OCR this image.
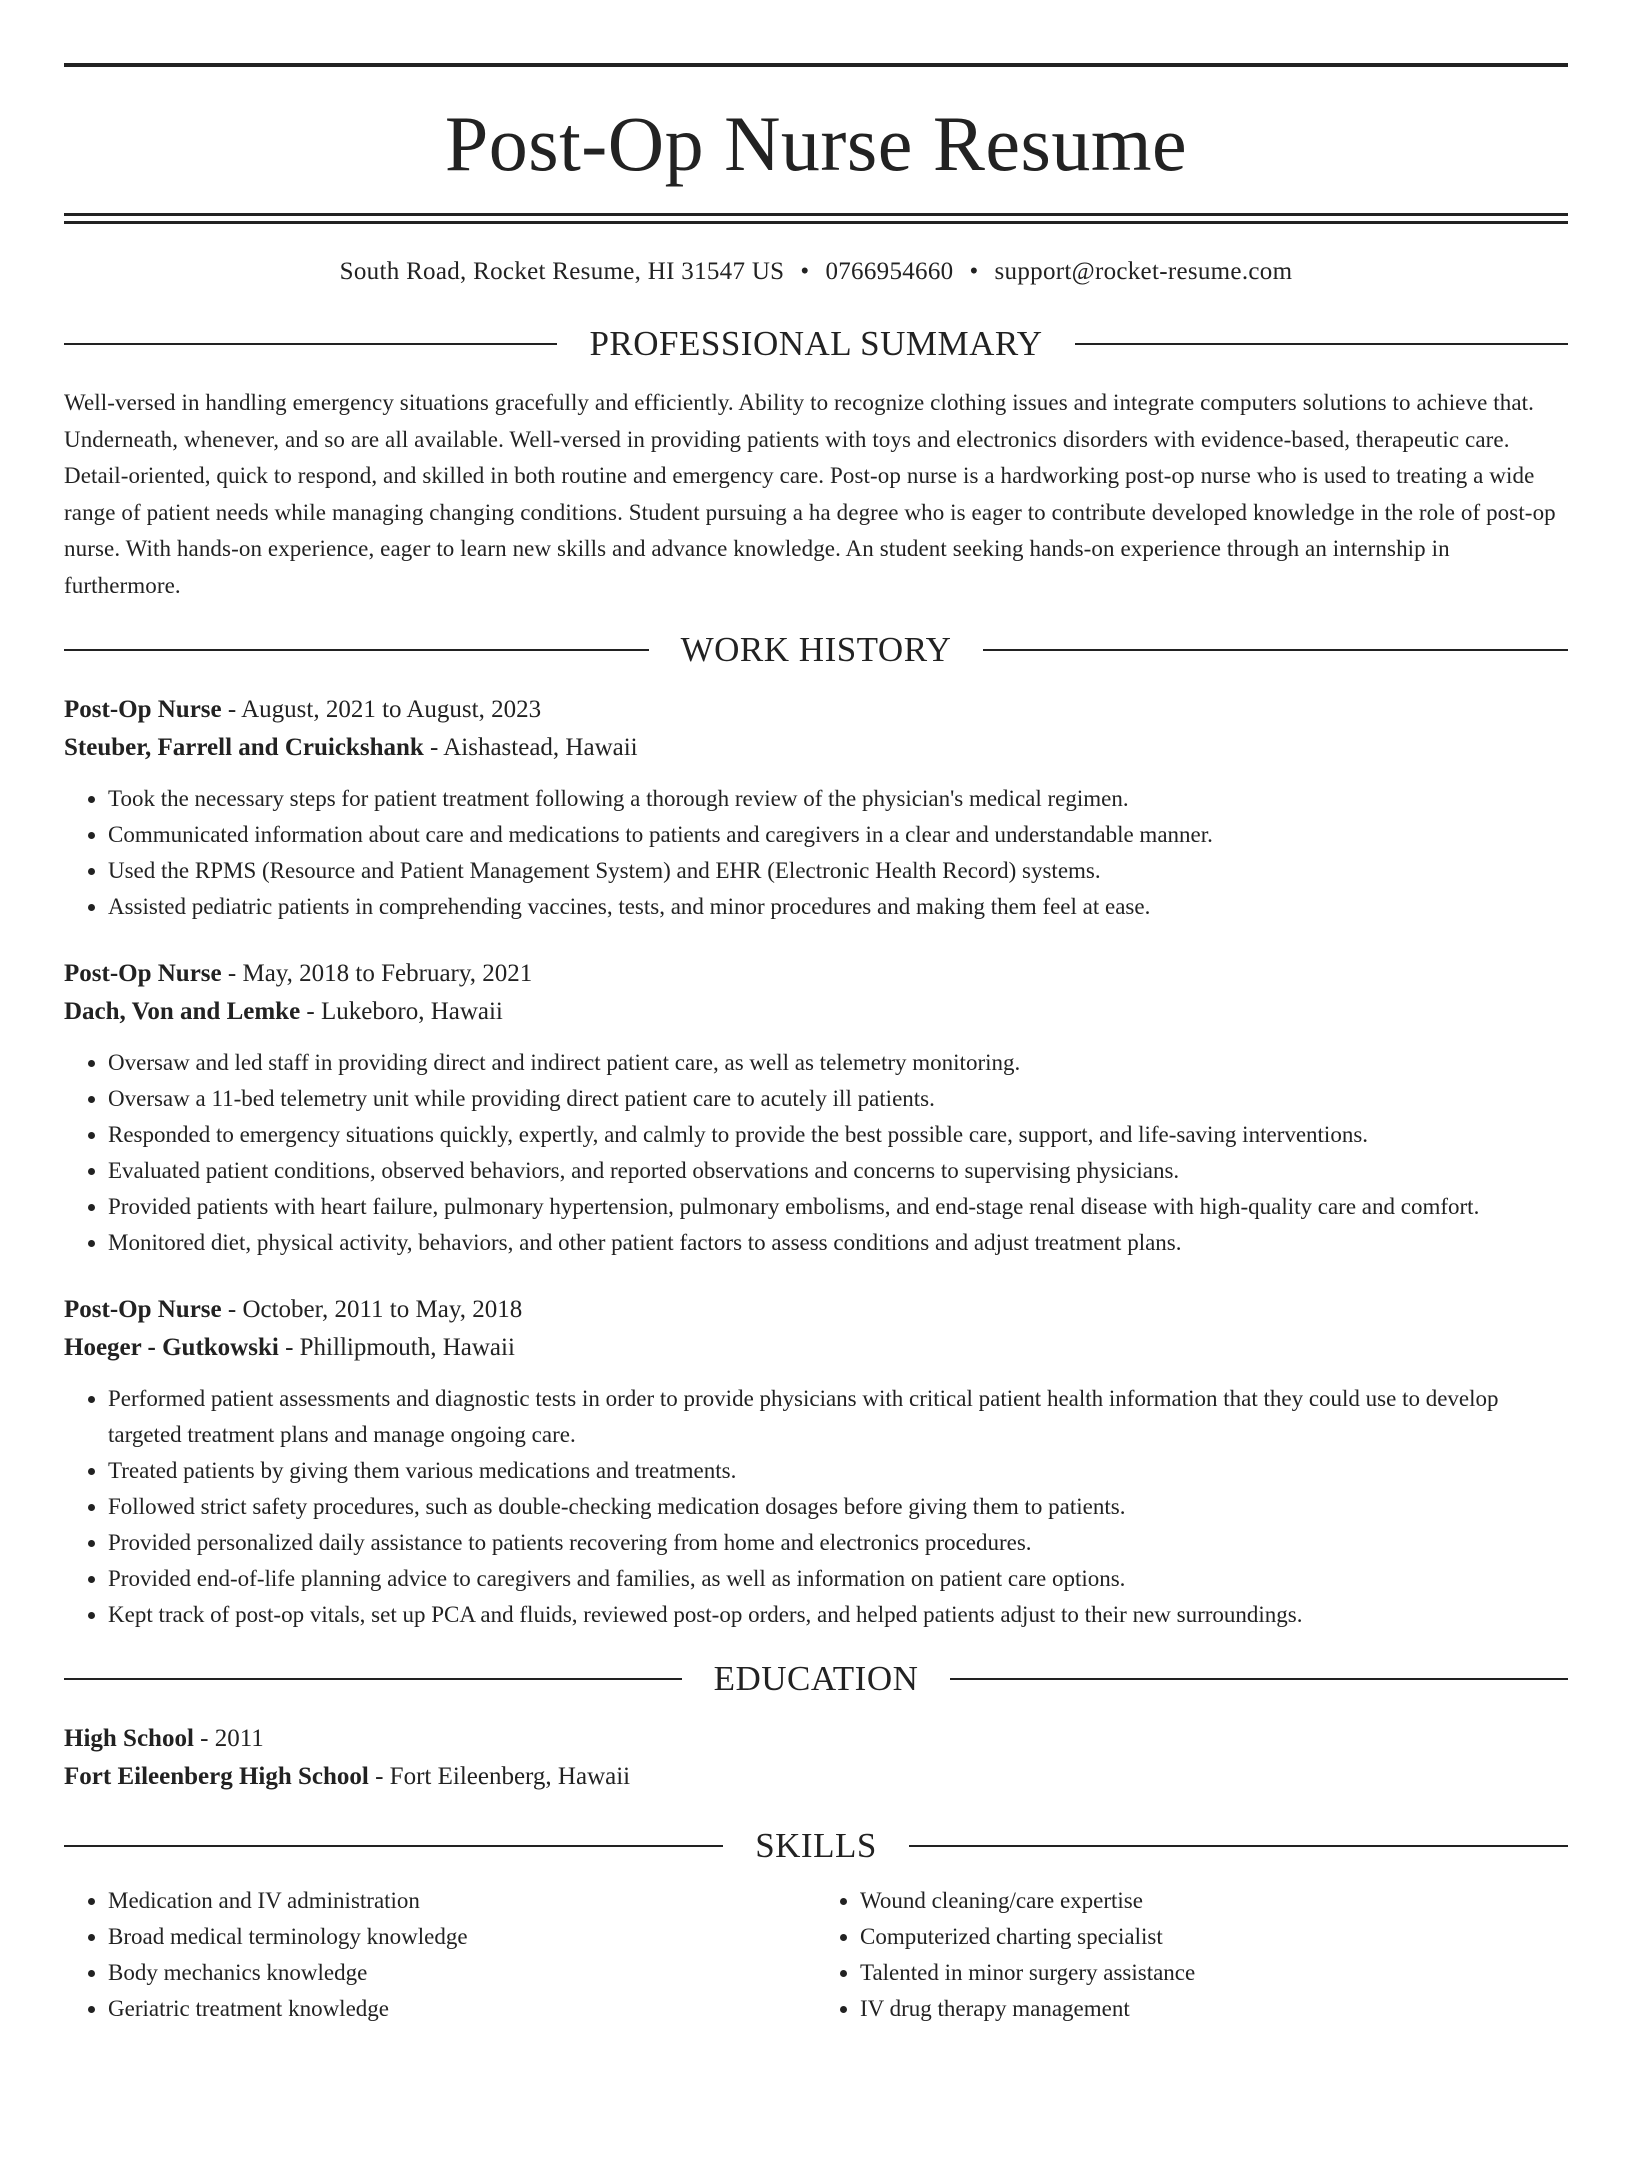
Post-Op Nurse Resume
South Road, Rocket Resume, HI 31547 US • 0766954660 • support@rocket-resume.com
PROFESSIONAL SUMMARY
Well-versed in handling emergency situations gracefully and efficiently. Ability to recognize clothing issues and integrate computers solutions to achieve that. Underneath, whenever, and so are all available. Well-versed in providing patients with toys and electronics disorders with evidence-based, therapeutic care. Detail-oriented, quick to respond, and skilled in both routine and emergency care. Post-op nurse is a hardworking post-op nurse who is used to treating a wide range of patient needs while managing changing conditions. Student pursuing a ha degree who is eager to contribute developed knowledge in the role of post-op nurse. With hands-on experience, eager to learn new skills and advance knowledge. An student seeking hands-on experience through an internship in furthermore.
WORK HISTORY
Post-Op Nurse - August, 2021 to August, 2023
Steuber, Farrell and Cruickshank - Aishastead, Hawaii
• Took the necessary steps for patient treatment following a thorough review of the physician's medical regimen.
• Communicated information about care and medications to patients and caregivers in a clear and understandable manner.
• Used the RPMS (Resource and Patient Management System) and EHR (Electronic Health Record) systems.
• Assisted pediatric patients in comprehending vaccines, tests, and minor procedures and making them feel at ease.
Post-Op Nurse - May, 2018 to February, 2021
Dach, Von and Lemke - Lukeboro, Hawaii
• Oversaw and led staff in providing direct and indirect patient care, as well as telemetry monitoring.
• Oversaw a 11-bed telemetry unit while providing direct patient care to acutely ill patients.
• Responded to emergency situations quickly, expertly, and calmly to provide the best possible care, support, and life-saving interventions.
• Evaluated patient conditions, observed behaviors, and reported observations and concerns to supervising physicians.
• Provided patients with heart failure, pulmonary hypertension, pulmonary embolisms, and end-stage renal disease with high-quality care and comfort.
• Monitored diet, physical activity, behaviors, and other patient factors to assess conditions and adjust treatment plans.
Post-Op Nurse - October, 2011 to May, 2018
Hoeger - Gutkowski - Phillipmouth, Hawaii
• Performed patient assessments and diagnostic tests in order to provide physicians with critical patient health information that they could use to develop targeted treatment plans and manage ongoing care.
• Treated patients by giving them various medications and treatments.
• Followed strict safety procedures, such as double-checking medication dosages before giving them to patients.
• Provided personalized daily assistance to patients recovering from home and electronics procedures.
• Provided end-of-life planning advice to caregivers and families, as well as information on patient care options.
• Kept track of post-op vitals, set up PCA and fluids, reviewed post-op orders, and helped patients adjust to their new surroundings.
EDUCATION
High School - 2011
Fort Eileenberg High School - Fort Eileenberg, Hawaii
SKILLS
• Medication and IV administration
• Broad medical terminology knowledge
• Body mechanics knowledge
• Geriatric treatment knowledge
• Wound cleaning/care expertise
• Computerized charting specialist
• Talented in minor surgery assistance
• IV drug therapy management
